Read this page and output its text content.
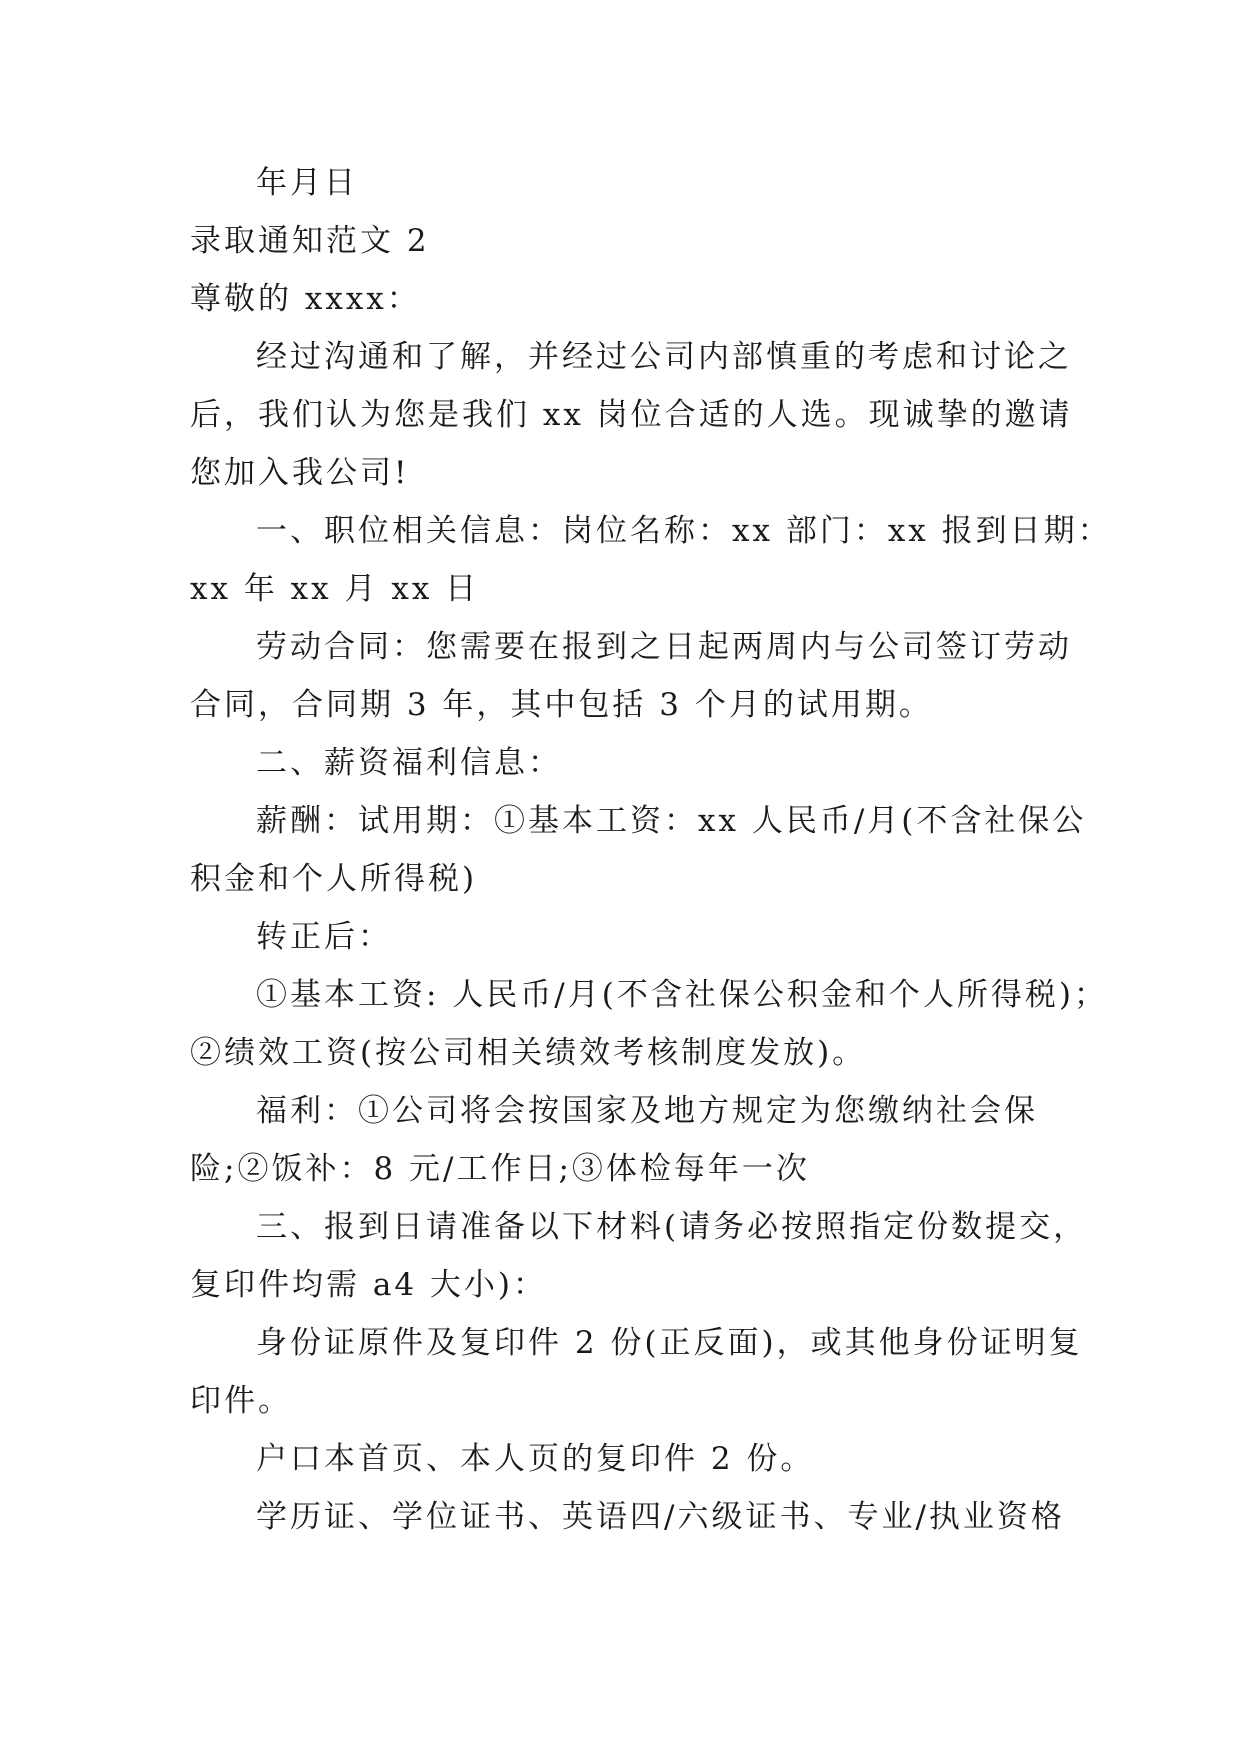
年月日
录取通知范文 2
尊敬的 xxxx：
经过沟通和了解，并经过公司内部慎重的考虑和讨论之
后，我们认为您是我们 xx 岗位合适的人选。现诚挚的邀请
您加入我公司!
一、职位相关信息：岗位名称：xx 部门：xx 报到日期：
xx 年 xx 月 xx 日
劳动合同：您需要在报到之日起两周内与公司签订劳动
合同，合同期 3 年，其中包括 3 个月的试用期。
二、薪资福利信息：
薪酬：试用期：①基本工资：xx 人民币/月(不含社保公
积金和个人所得税)
转正后：
①基本工资: 人民币/月(不含社保公积金和个人所得税)；
②绩效工资(按公司相关绩效考核制度发放)。
福利：①公司将会按国家及地方规定为您缴纳社会保
险;②饭补：8 元/工作日;③体检每年一次
三、报到日请准备以下材料(请务必按照指定份数提交，
复印件均需 a4 大小)：
身份证原件及复印件 2 份(正反面)，或其他身份证明复
印件。
户口本首页、本人页的复印件 2 份。
学历证、学位证书、英语四/六级证书、专业/执业资格
